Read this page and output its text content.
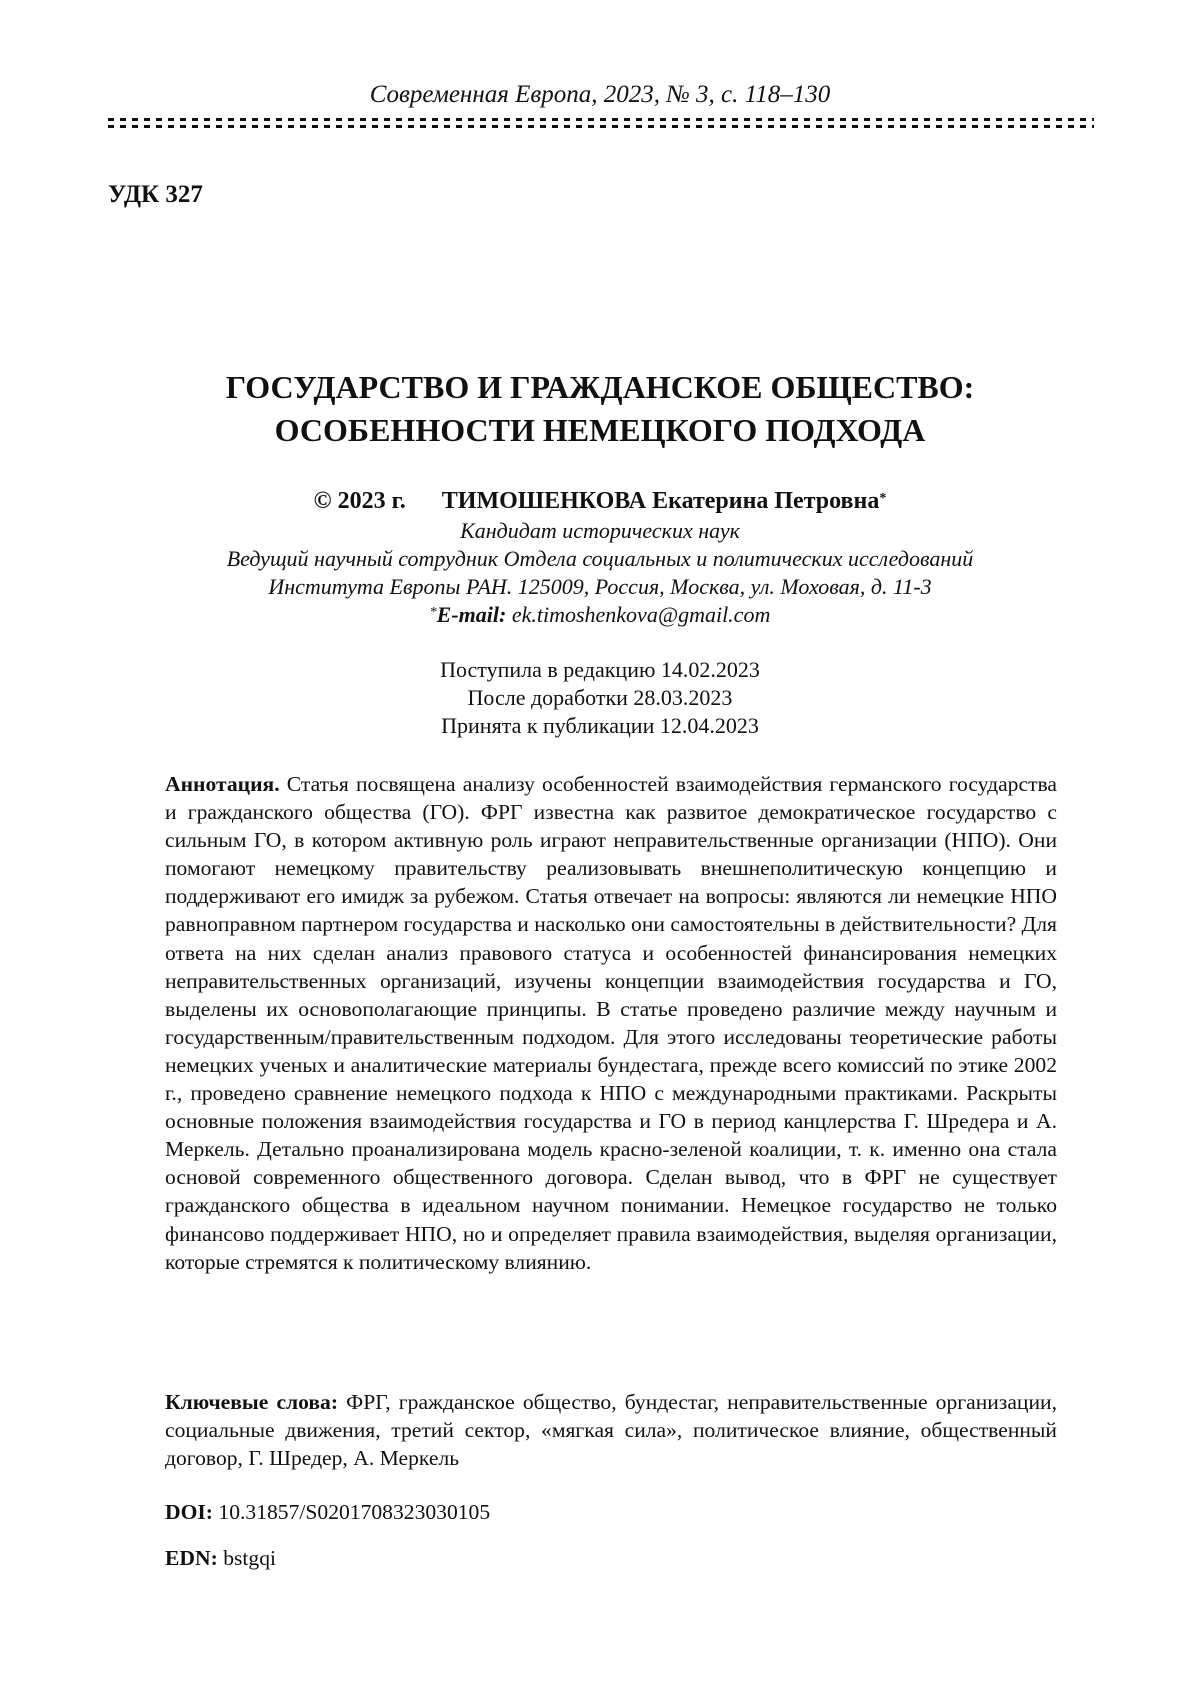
Современная Европа, 2023, № 3, с. 118–130
УДК 327
ГОСУДАРСТВО И ГРАЖДАНСКОЕ ОБЩЕСТВО:
ОСОБЕННОСТИ НЕМЕЦКОГО ПОДХОДА
© 2023 г. ТИМОШЕНКОВА Екатерина Петровна*
Кандидат исторических наук
Ведущий научный сотрудник Отдела социальных и политических исследований
Института Европы РАН. 125009, Россия, Москва, ул. Моховая, д. 11-3
*E-mail: ek.timoshenkova@gmail.com
Поступила в редакцию 14.02.2023
После доработки 28.03.2023
Принята к публикации 12.04.2023
Аннотация. Статья посвящена анализу особенностей взаимодействия германского государства и гражданского общества (ГО). ФРГ известна как развитое демократическое государство с сильным ГО, в котором активную роль играют неправительственные организации (НПО). Они помогают немецкому правительству реализовывать внешнеполитическую концепцию и поддерживают его имидж за рубежом. Статья отвечает на вопросы: являются ли немецкие НПО равноправном партнером государства и насколько они самостоятельны в действительности? Для ответа на них сделан анализ правового статуса и особенностей финансирования немецких неправительственных организаций, изучены концепции взаимодействия государства и ГО, выделены их основополагающие принципы. В статье проведено различие между научным и государственным/правительственным подходом. Для этого исследованы теоретические работы немецких ученых и аналитические материалы бундестага, прежде всего комиссий по этике 2002 г., проведено сравнение немецкого подхода к НПО с международными практиками. Раскрыты основные положения взаимодействия государства и ГО в период канцлерства Г. Шредера и А. Меркель. Детально проанализирована модель красно-зеленой коалиции, т. к. именно она стала основой современного общественного договора. Сделан вывод, что в ФРГ не существует гражданского общества в идеальном научном понимании. Немецкое государство не только финансово поддерживает НПО, но и определяет правила взаимодействия, выделяя организации, которые стремятся к политическому влиянию.
Ключевые слова: ФРГ, гражданское общество, бундестаг, неправительственные организации, социальные движения, третий сектор, «мягкая сила», политическое влияние, общественный договор, Г. Шредер, А. Меркель
DOI: 10.31857/S0201708323030105
EDN: bstgqi
